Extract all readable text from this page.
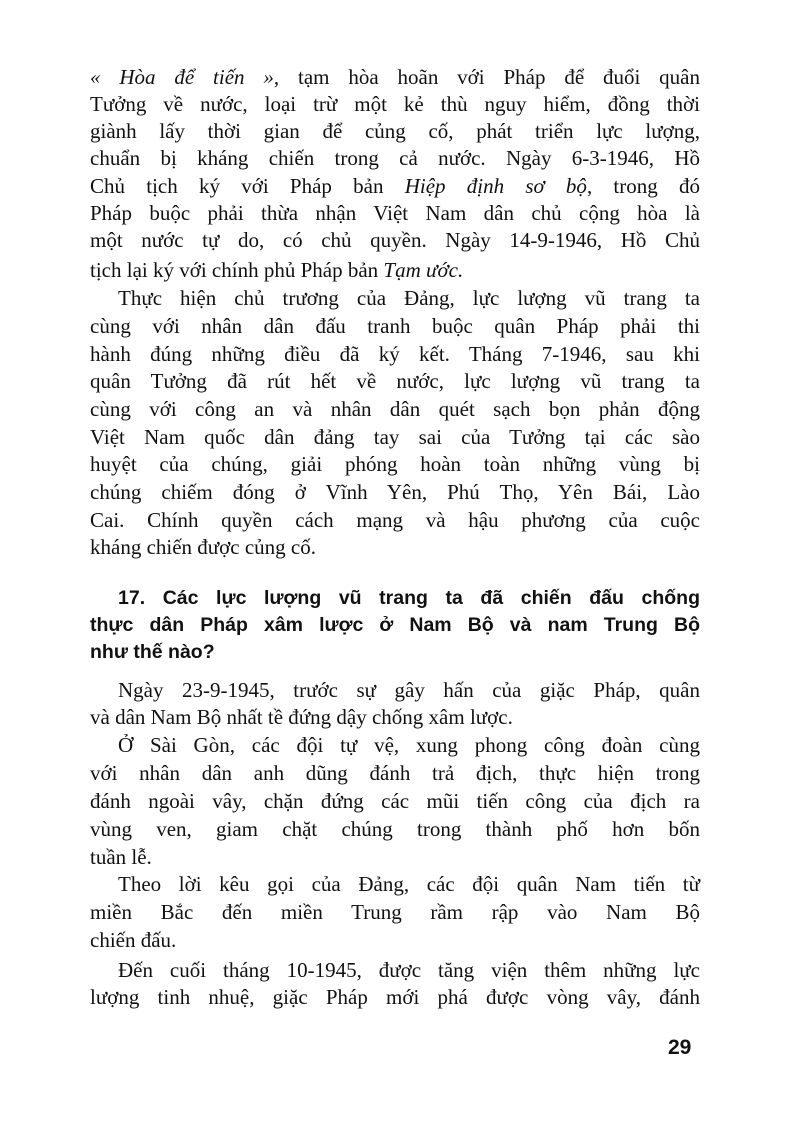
29
« Hòa để tiến », tạm hòa hoãn với Pháp để đuổi quân
Tưởng về nước, loại trừ một kẻ thù nguy hiểm, đồng thời
giành lấy thời gian để củng cố, phát triển lực lượng,
chuẩn bị kháng chiến trong cả nước. Ngày 6-3-1946, Hồ
Chủ tịch ký với Pháp bản Hiệp định sơ bộ, trong đó
Pháp buộc phải thừa nhận Việt Nam dân chủ cộng hòa là
một nước tự do, có chủ quyền. Ngày 14-9-1946, Hồ Chủ
tịch lại ký với chính phủ Pháp bản Tạm ước.
Thực hiện chủ trương của Đảng, lực lượng vũ trang ta
cùng với nhân dân đấu tranh buộc quân Pháp phải thi
hành đúng những điều đã ký kết. Tháng 7-1946, sau khi
quân Tưởng đã rút hết về nước, lực lượng vũ trang ta
cùng với công an và nhân dân quét sạch bọn phản động
Việt Nam quốc dân đảng tay sai của Tưởng tại các sào
huyệt của chúng, giải phóng hoàn toàn những vùng bị
chúng chiếm đóng ở Vĩnh Yên, Phú Thọ, Yên Bái, Lào
Cai. Chính quyền cách mạng và hậu phương của cuộc
kháng chiến được củng cố.
17. Các lực lượng vũ trang ta đã chiến đấu chống
thực dân Pháp xâm lược ở Nam Bộ và nam Trung Bộ
như thế nào?
Ngày 23-9-1945, trước sự gây hấn của giặc Pháp, quân
và dân Nam Bộ nhất tề đứng dậy chống xâm lược.
Ở Sài Gòn, các đội tự vệ, xung phong công đoàn cùng
với nhân dân anh dũng đánh trả địch, thực hiện trong
đánh ngoài vây, chặn đứng các mũi tiến công của địch ra
vùng ven, giam chặt chúng trong thành phố hơn bốn
tuần lễ.
Theo lời kêu gọi của Đảng, các đội quân Nam tiến từ
miền Bắc đến miền Trung rầm rập vào Nam Bộ
chiến đấu.
Đến cuối tháng 10-1945, được tăng viện thêm những lực
lượng tinh nhuệ, giặc Pháp mới phá được vòng vây, đánh
